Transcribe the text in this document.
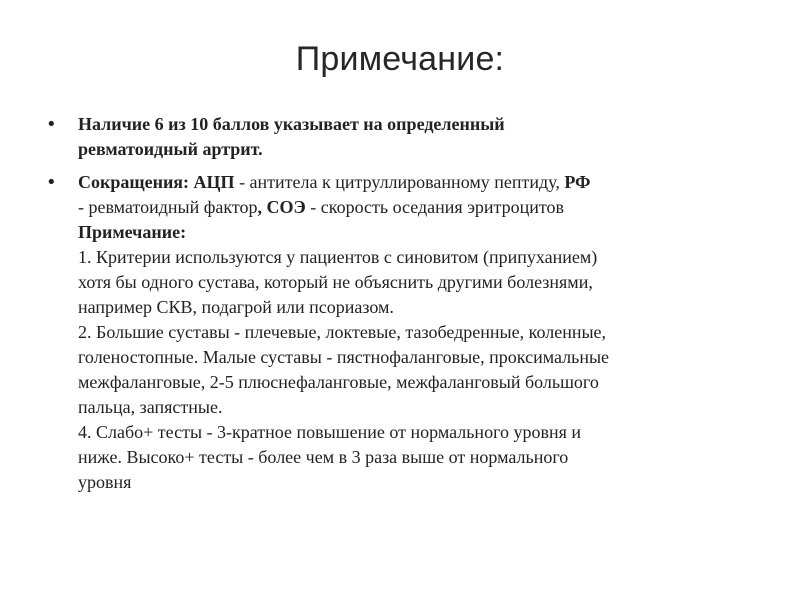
Примечание:
• Наличие 6 из 10 баллов указывает на определенный
ревматоидный артрит.
• Сокращения: АЦП - антитела к цитруллированному пептиду, РФ
- ревматоидный фактор, СОЭ - скорость оседания эритроцитов
Примечание:
1. Критерии используются у пациентов с синовитом (припуханием)
хотя бы одного сустава, который не объяснить другими болезнями,
например СКВ, подагрой или псориазом.
2. Большие суставы - плечевые, локтевые, тазобедренные, коленные,
голеностопные. Малые суставы - пястнофаланговые, проксимальные
межфаланговые, 2-5 плюснефаланговые, межфаланговый большого
пальца, запястные.
4. Слабо+ тесты - 3-кратное повышение от нормального уровня и
ниже. Высоко+ тесты - более чем в 3 раза выше от нормального
уровня
